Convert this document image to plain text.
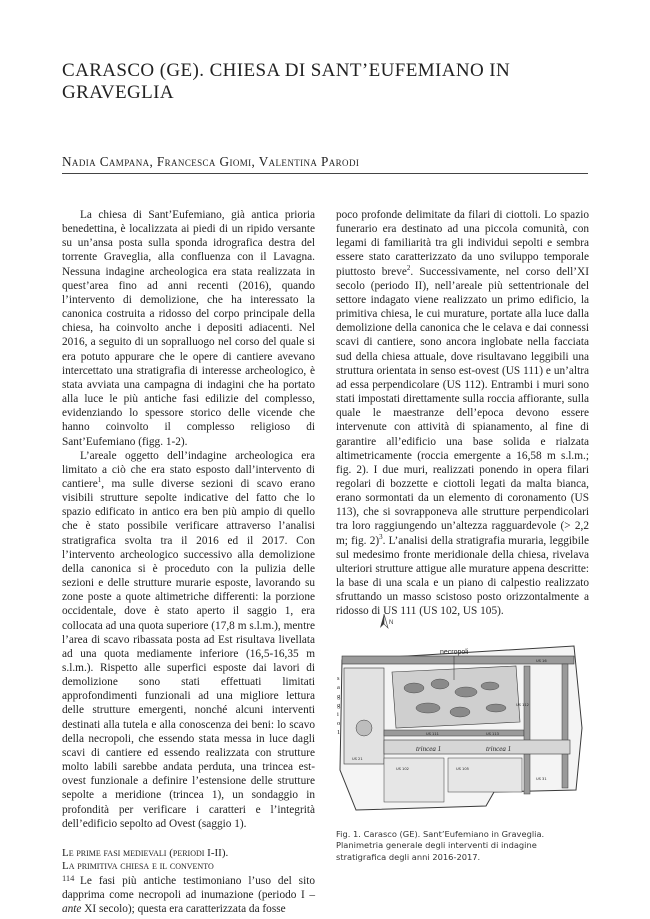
CARASCO (GE). CHIESA DI SANT’EUFEMIANO IN GRAVEGLIA
Nadia Campana, Francesca Giomi, Valentina Parodi

La chiesa di Sant’Eufemiano, già antica prioria benedettina, è localizzata ai piedi di un ripido versante su un’ansa posta sulla sponda idrografica destra del torrente Graveglia, alla confluenza con il Lavagna. Nessuna indagine archeologica era stata realizzata in quest’area fino ad anni recenti (2016), quando l’intervento di demolizione, che ha interessato la canonica costruita a ridosso del corpo principale della chiesa, ha coinvolto anche i depositi adiacenti. Nel 2016, a seguito di un sopralluogo nel corso del quale si era potuto appurare che le opere di cantiere avevano intercettato una stratigrafia di interesse archeologico, è stata avviata una campagna di indagini che ha portato alla luce le più antiche fasi edilizie del complesso, evidenziando lo spessore storico delle vicende che hanno coinvolto il complesso religioso di Sant’Eufemiano (figg. 1-2).

L’areale oggetto dell’indagine archeologica era limitato a ciò che era stato esposto dall’intervento di cantiere$^1$, ma sulle diverse sezioni di scavo erano visibili strutture sepolte indicative del fatto che lo spazio edificato in antico era ben più ampio di quello che è stato possibile verificare attraverso l’analisi stratigrafica svolta tra il 2016 ed il 2017. Con l’intervento archeologico successivo alla demolizione della canonica si è proceduto con la pulizia delle sezioni e delle strutture murarie esposte, lavorando su zone poste a quote altimetriche differenti: la porzione occidentale, dove è stato aperto il saggio 1, era collocata ad una quota superiore (17,8 m s.l.m.), mentre l’area di scavo ribassata posta ad Est risultava livellata ad una quota mediamente inferiore (16,5-16,35 m s.l.m.). Rispetto alle superfici esposte dai lavori di demolizione sono stati effettuati limitati approfondimenti funzionali ad una migliore lettura delle strutture emergenti, nonché alcuni interventi destinati alla tutela e alla conoscenza dei beni: lo scavo della necropoli, che essendo stata messa in luce dagli scavi di cantiere ed essendo realizzata con strutture molto labili sarebbe andata perduta, una trincea est-ovest funzionale a definire l’estensione delle strutture sepolte a meridione (trincea 1), un sondaggio in profondità per verificare i caratteri e l’integrità dell’edificio sepolto ad Ovest (saggio 1).

Le prime fasi medievali (periodi I-II).
La primitiva chiesa e il convento

Le fasi più antiche testimoniano l’uso del sito dapprima come necropoli ad inumazione (periodo I – ante XI secolo); questa era caratterizzata da fosse

poco profonde delimitate da filari di ciottoli. Lo spazio funerario era destinato ad una piccola comunità, con legami di familiarità tra gli individui sepolti e sembra essere stato caratterizzato da uno sviluppo temporale piuttosto breve$^2$. Successivamente, nel corso dell’XI secolo (periodo II), nell’areale più settentrionale del settore indagato viene realizzato un primo edificio, la primitiva chiesa, le cui murature, portate alla luce dalla demolizione della canonica che le celava e dai connessi scavi di cantiere, sono ancora inglobate nella facciata sud della chiesa attuale, dove risultavano leggibili una struttura orientata in senso est-ovest (US 111) e un’altra ad essa perpendicolare (US 112). Entrambi i muri sono stati impostati direttamente sulla roccia affiorante, sulla quale le maestranze dell’epoca devono essere intervenute con attività di spianamento, al fine di garantire all’edificio una base solida e rialzata altimetricamente (roccia emergente a 16,58 m s.l.m.; fig. 2). I due muri, realizzati ponendo in opera filari regolari di bozzette e ciottoli legati da malta bianca, erano sormontati da un elemento di coronamento (US 113), che si sovrapponeva alle strutture perpendicolari tra loro raggiungendo un’altezza ragguardevole (> 2,2 m; fig. 2)$^3$. L’analisi della stratigrafia muraria, leggibile sul medesimo fronte meridionale della chiesa, rivelava ulteriori strutture attigue alle murature appena descritte: la base di una scala e un piano di calpestio realizzato sfruttando un masso scistoso posto orizzontalmente a ridosso di US 111 (US 102, US 105).

N
necropoli
s
a
g
g
i
o
1
trincea 1	trincea 1
US 111
US 112
US 113
US 102	US 105
US 16
US 21
US 31
Fig. 1. Carasco (GE). Sant’Eufemiano in Graveglia. Planimetria generale degli interventi di indagine stratigrafica degli anni 2016-2017.
114
